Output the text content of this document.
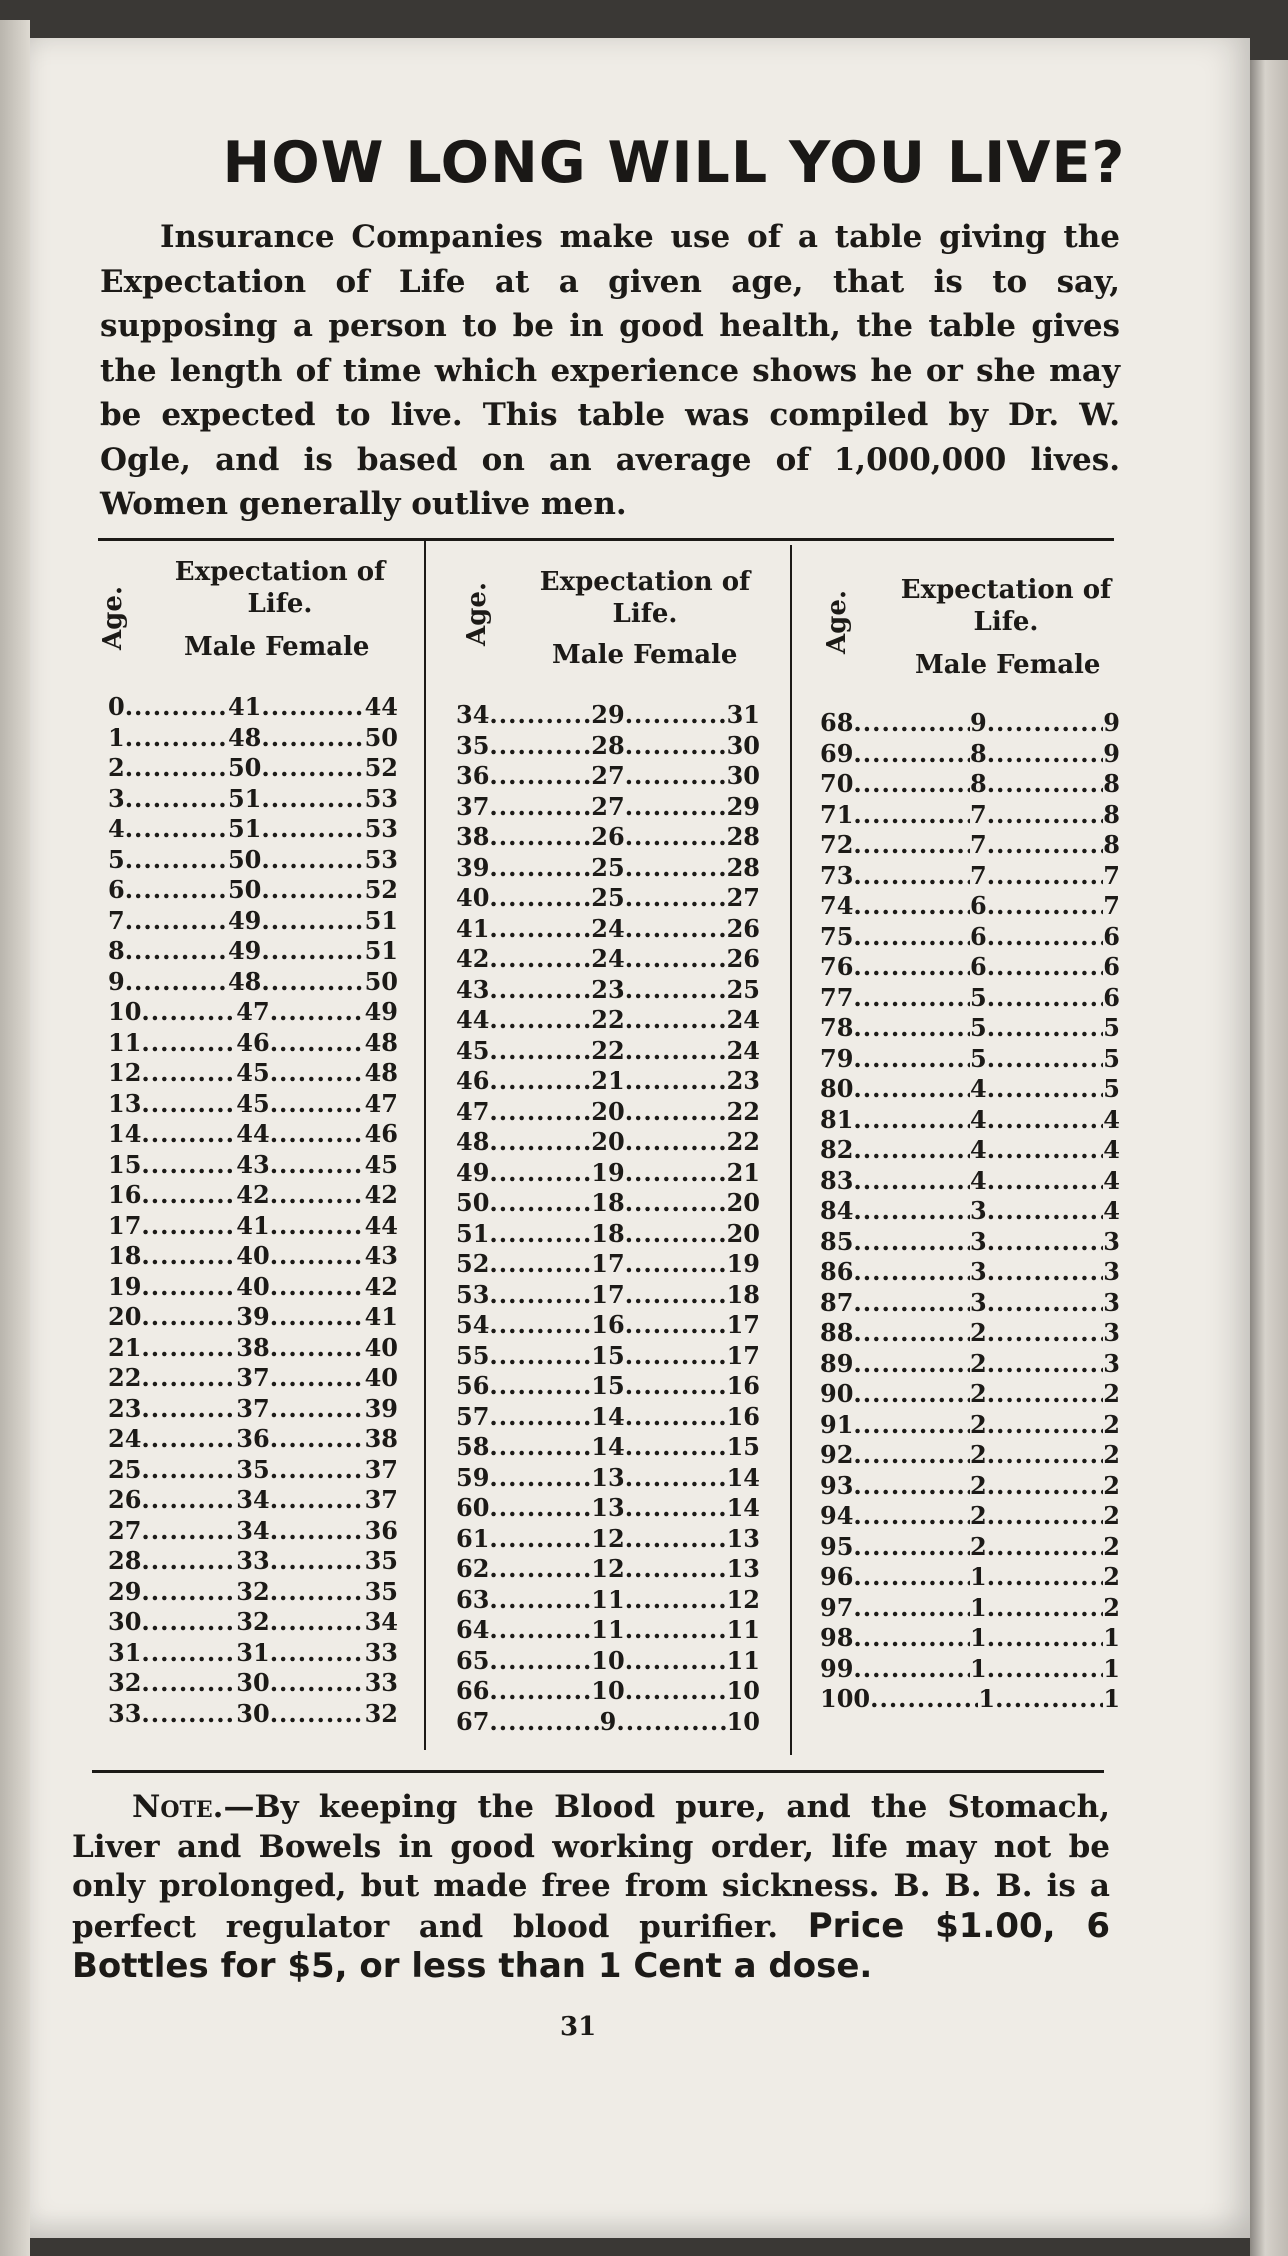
HOW LONG WILL YOU LIVE?
Insurance Companies make use of a table giving the Expectation of Life at a given age, that is to say, supposing a person to be in good health, the table gives the length of time which experience shows he or she may be expected to live. This table was compiled by Dr. W. Ogle, and is based on an average of 1,000,000 lives. Women generally outlive men.
Age.
Expectation of Life.
Male Female
0 .....	41 .....	44
1 .....	48 .....	50
2 .....	50 .....	52
3 .....	51 .....	53
4 .....	51 .....	53
5 .....	50 .....	53
6 .....	50 .....	52
7 .....	49 .....	51
8 .....	49 .....	51
9 .....	48 .....	50
10 .....	47 .....	49
11 .....	46 .....	48
12 .....	45 .....	48
13 .....	45 .....	47
14 .....	44 .....	46
15 .....	43 .....	45
16 .....	42 .....	42
17 .....	41 .....	44
18 .....	40 .....	43
19 .....	40 .....	42
20 .....	39 .....	41
21 .....	38 .....	40
22 .....	37 .....	40
23 .....	37 .....	39
24 .....	36 .....	38
25 .....	35 .....	37
26 .....	34 .....	37
27 .....	34 .....	36
28 .....	33 .....	35
29 .....	32 .....	35
30 .....	32 .....	34
31 .....	31 .....	33
32 .....	30 .....	33
33 .....	30 .....	32
Age.
Expectation of Life.
Male Female
34 .....	29 .....	31
35 .....	28 .....	30
36 .....	27 .....	30
37 .....	27 .....	29
38 .....	26 .....	28
39 .....	25 .....	28
40 .....	25 .....	27
41 .....	24 .....	26
42 .....	24 .....	26
43 .....	23 .....	25
44 .....	22 .....	24
45 .....	22 .....	24
46 .....	21 .....	23
47 .....	20 .....	22
48 .....	20 .....	22
49 .....	19 .....	21
50 .....	18 .....	20
51 .....	18 .....	20
52 .....	17 .....	19
53 .....	17 .....	18
54 .....	16 .....	17
55 .....	15 .....	17
56 .....	15 .....	16
57 .....	14 .....	16
58 .....	14 .....	15
59 .....	13 .....	14
60 .....	13 .....	14
61 .....	12 .....	13
62 .....	12 .....	13
63 .....	11 .....	12
64 .....	11 .....	11
65 .....	10 .....	11
66 .....	10 .....	10
67 .....	9 .....	10
Age.
Expectation of Life.
Male Female
68 .....	9 .....	9
69 .....	8 .....	9
70 .....	8 .....	8
71 .....	7 .....	8
72 .....	7 .....	8
73 .....	7 .....	7
74 .....	6 .....	7
75 .....	6 .....	6
76 .....	6 .....	6
77 .....	5 .....	6
78 .....	5 .....	5
79 .....	5 .....	5
80 .....	4 .....	5
81 .....	4 .....	4
82 .....	4 .....	4
83 .....	4 .....	4
84 .....	3 .....	4
85 .....	3 .....	3
86 .....	3 .....	3
87 .....	3 .....	3
88 .....	2 .....	3
89 .....	2 .....	3
90 .....	2 .....	2
91 .....	2 .....	2
92 .....	2 .....	2
93 .....	2 .....	2
94 .....	2 .....	2
95 .....	2 .....	2
96 .....	1 .....	2
97 .....	1 .....	2
98 .....	1 .....	1
99 .....	1 .....	1
100 .....	1 .....	1
Note.—By keeping the Blood pure, and the Stomach, Liver and Bowels in good working order, life may not be only prolonged, but made free from sickness. B. B. B. is a perfect regulator and blood purifier. Price $1.00, 6 Bottles for $5, or less than 1 Cent a dose.
31
